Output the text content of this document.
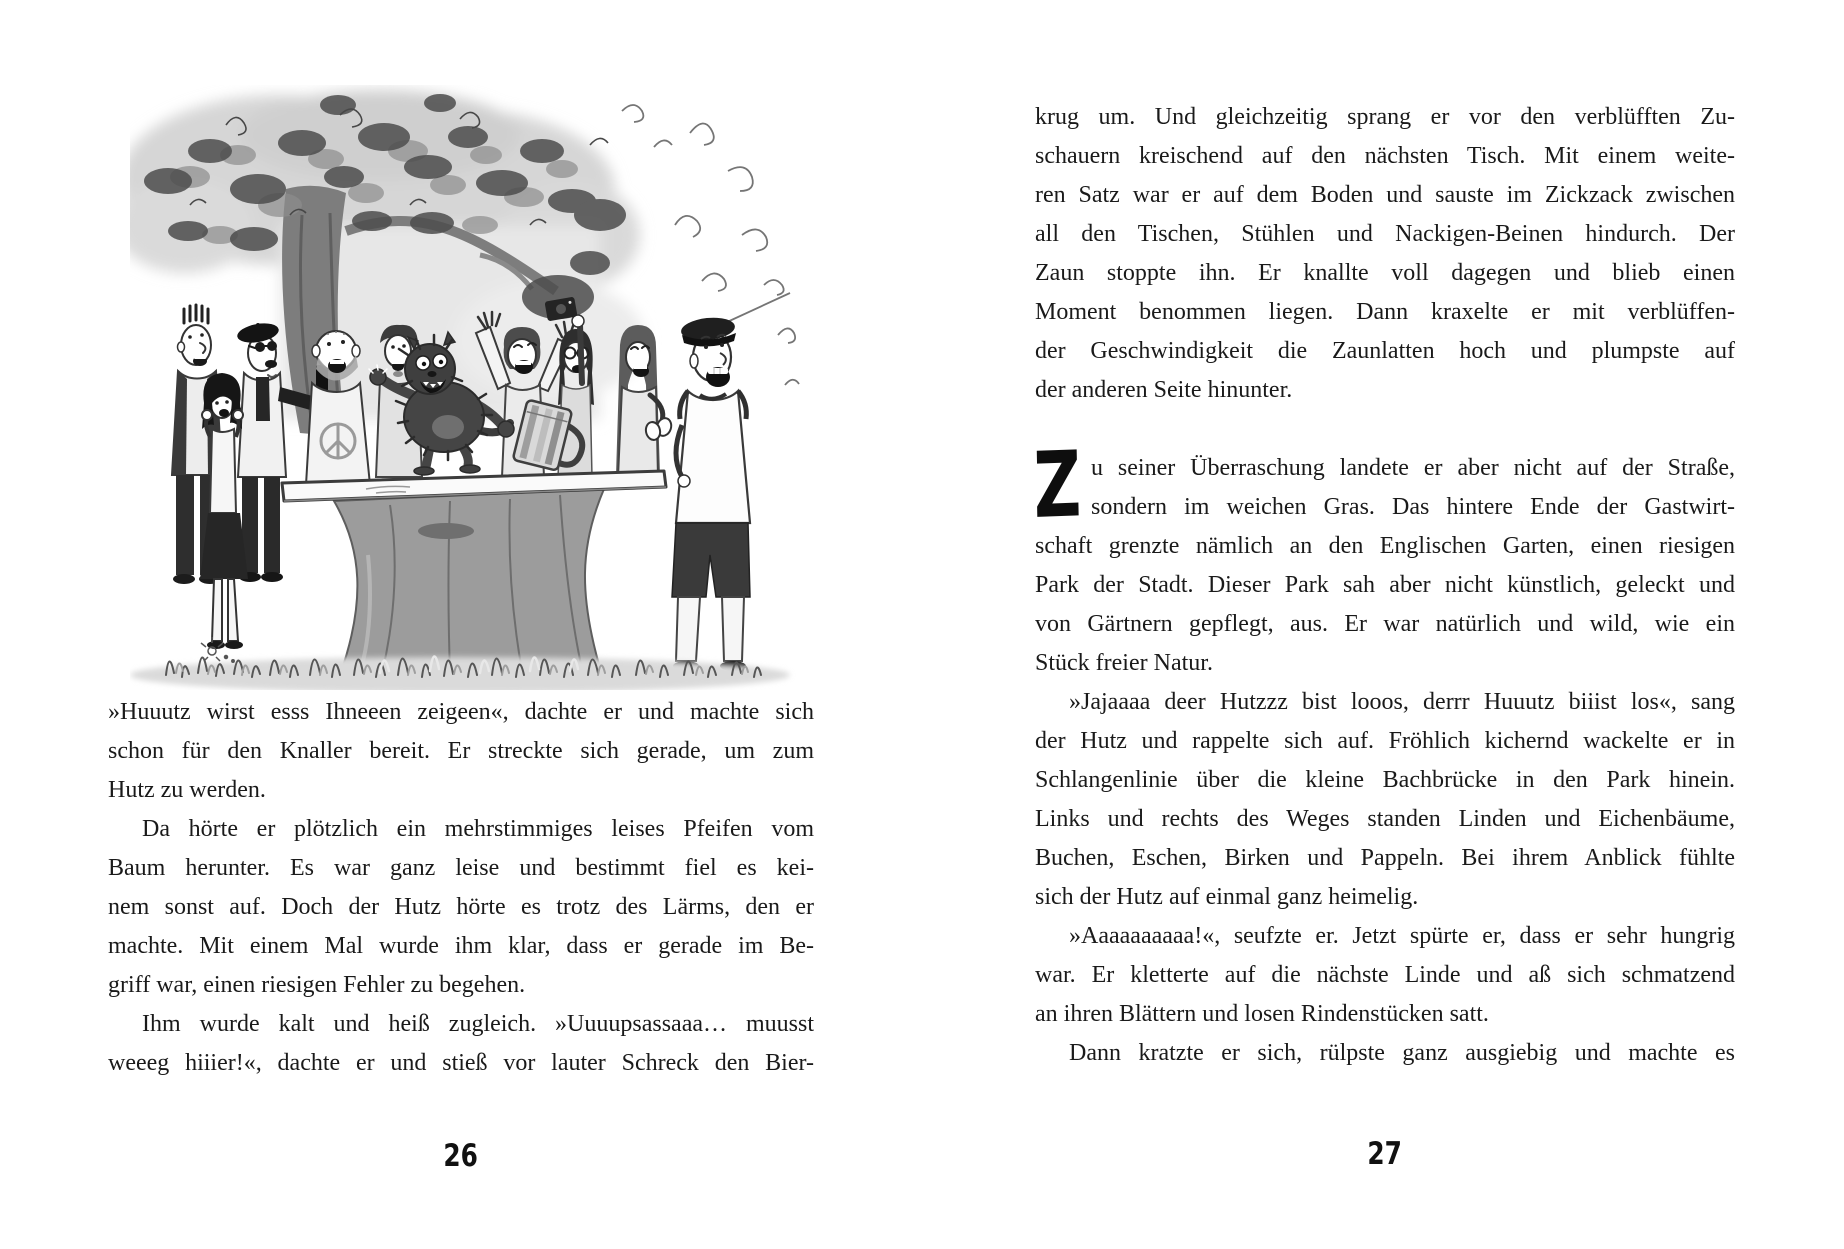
»Huuutz wirst esss Ihneeen zeigeen«, dachte er und machte sich
schon für den Knaller bereit. Er streckte sich gerade, um zum
Hutz zu werden.
Da hörte er plötzlich ein mehrstimmiges leises Pfeifen vom
Baum herunter. Es war ganz leise und bestimmt fiel es kei-
nem sonst auf. Doch der Hutz hörte es trotz des Lärms, den er
machte. Mit einem Mal wurde ihm klar, dass er gerade im Be-
griff war, einen riesigen Fehler zu begehen.
Ihm wurde kalt und heiß zugleich. »Uuuupsassaaa… muusst
weeeg hiiier!«, dachte er und stieß vor lauter Schreck den Bier-
26
Z
krug um. Und gleichzeitig sprang er vor den verblüfften Zu-
schauern kreischend auf den nächsten Tisch. Mit einem weite-
ren Satz war er auf dem Boden und sauste im Zickzack zwischen
all den Tischen, Stühlen und Nackigen-Beinen hindurch. Der
Zaun stoppte ihn. Er knallte voll dagegen und blieb einen
Moment benommen liegen. Dann kraxelte er mit verblüffen-
der Geschwindigkeit die Zaunlatten hoch und plumpste auf
der anderen Seite hinunter.
u seiner Überraschung landete er aber nicht auf der Straße,
sondern im weichen Gras. Das hintere Ende der Gastwirt-
schaft grenzte nämlich an den Englischen Garten, einen riesigen
Park der Stadt. Dieser Park sah aber nicht künstlich, geleckt und
von Gärtnern gepflegt, aus. Er war natürlich und wild, wie ein
Stück freier Natur.
»Jajaaaa deer Hutzzz bist looos, derrr Huuutz biiist los«, sang
der Hutz und rappelte sich auf. Fröhlich kichernd wackelte er in
Schlangenlinie über die kleine Bachbrücke in den Park hinein.
Links und rechts des Weges standen Linden und Eichenbäume,
Buchen, Eschen, Birken und Pappeln. Bei ihrem Anblick fühlte
sich der Hutz auf einmal ganz heimelig.
»Aaaaaaaaaa!«, seufzte er. Jetzt spürte er, dass er sehr hungrig
war. Er kletterte auf die nächste Linde und aß sich schmatzend
an ihren Blättern und losen Rindenstücken satt.
Dann kratzte er sich, rülpste ganz ausgiebig und machte es
27
